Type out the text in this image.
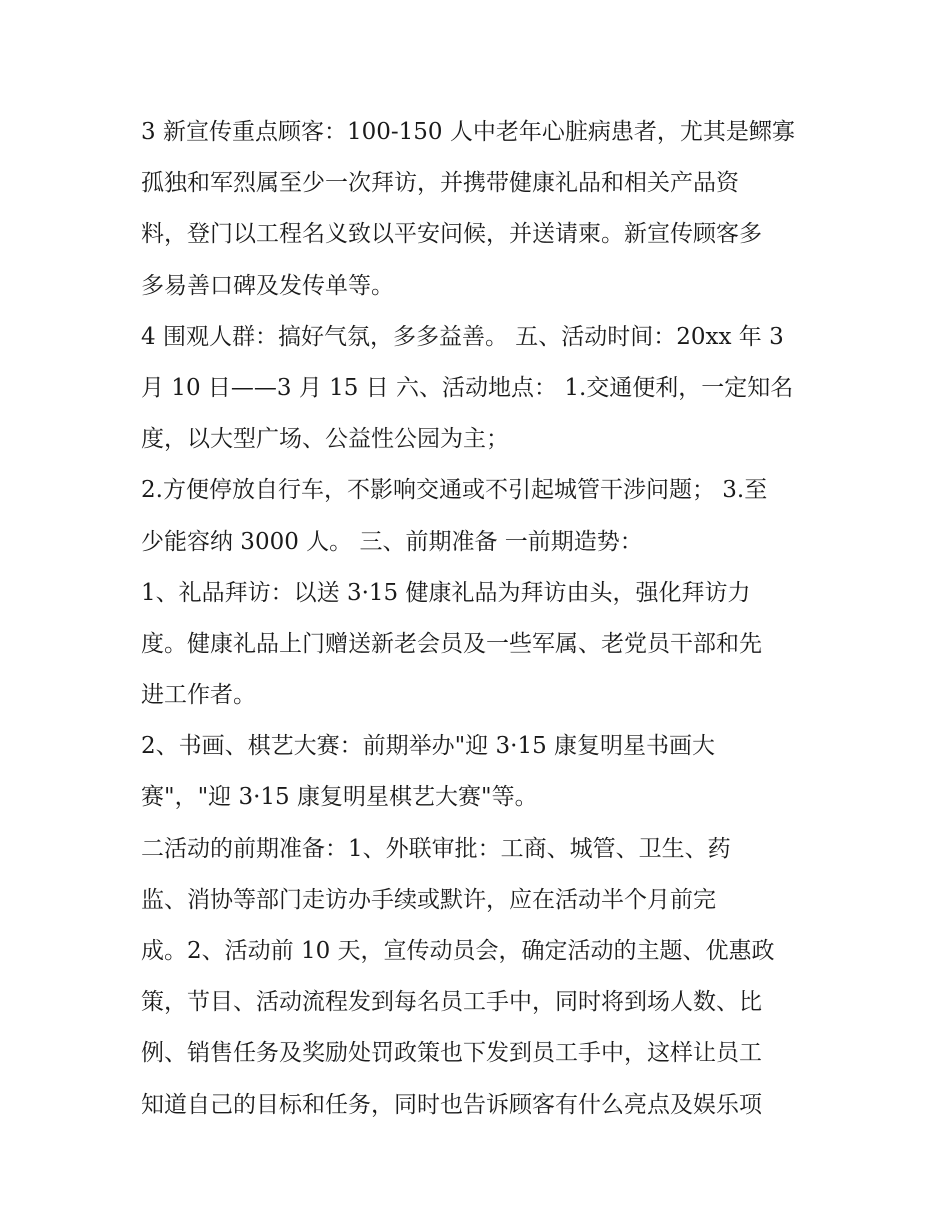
3 新宣传重点顾客：100-150 人中老年心脏病患者，尤其是鳏寡
孤独和军烈属至少一次拜访，并携带健康礼品和相关产品资
料，登门以工程名义致以平安问候，并送请柬。新宣传顾客多
多易善口碑及发传单等。
4 围观人群：搞好气氛，多多益善。 五、活动时间：20xx 年 3
月 10 日——3 月 15 日 六、活动地点： 1.交通便利，一定知名
度，以大型广场、公益性公园为主；
2.方便停放自行车，不影响交通或不引起城管干涉问题； 3.至
少能容纳 3000 人。 三、前期准备 一前期造势：
1、礼品拜访：以送 3·15 健康礼品为拜访由头，强化拜访力
度。健康礼品上门赠送新老会员及一些军属、老党员干部和先
进工作者。
2、书画、棋艺大赛：前期举办"迎 3·15 康复明星书画大
赛"，"迎 3·15 康复明星棋艺大赛"等。
二活动的前期准备：1、外联审批：工商、城管、卫生、药
监、消协等部门走访办手续或默许，应在活动半个月前完
成。2、活动前 10 天，宣传动员会，确定活动的主题、优惠政
策，节目、活动流程发到每名员工手中，同时将到场人数、比
例、销售任务及奖励处罚政策也下发到员工手中，这样让员工
知道自己的目标和任务，同时也告诉顾客有什么亮点及娱乐项
